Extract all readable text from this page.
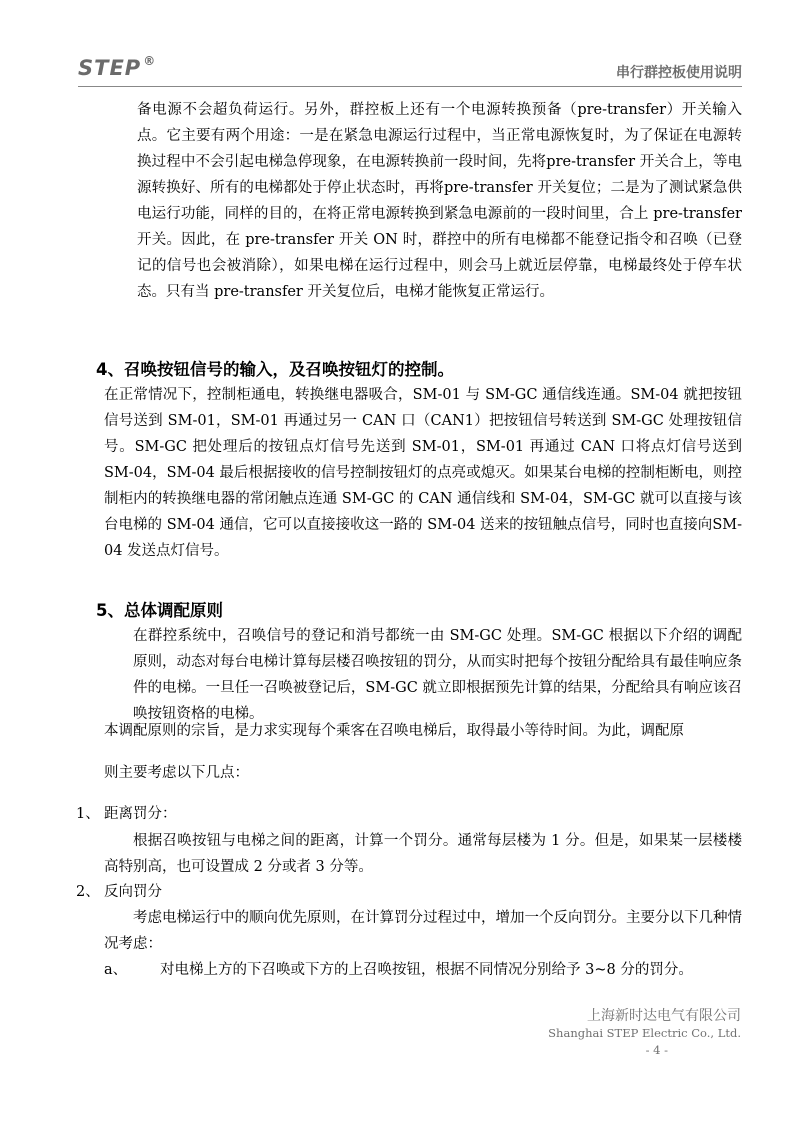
STEP ®
串行群控板使用说明

备电源不会超负荷运行。另外，群控板上还有一个电源转换预备（pre-transfer）开关输入点。它主要有两个用途：一是在紧急电源运行过程中，当正常电源恢复时，为了保证在电源转换过程中不会引起电梯急停现象，在电源转换前一段时间，先将pre-transfer 开关合上，等电源转换好、所有的电梯都处于停止状态时，再将pre-transfer 开关复位；二是为了测试紧急供电运行功能，同样的目的，在将正常电源转换到紧急电源前的一段时间里，合上 pre-transfer 开关。因此，在 pre-transfer 开关 ON 时，群控中的所有电梯都不能登记指令和召唤（已登记的信号也会被消除），如果电梯在运行过程中，则会马上就近层停靠，电梯最终处于停车状态。只有当 pre-transfer 开关复位后，电梯才能恢复正常运行。

4、召唤按钮信号的输入，及召唤按钮灯的控制。

在正常情况下，控制柜通电，转换继电器吸合，SM-01 与 SM-GC 通信线连通。SM-04 就把按钮信号送到 SM-01，SM-01 再通过另一 CAN 口（CAN1）把按钮信号转送到 SM-GC 处理按钮信号。SM-GC 把处理后的按钮点灯信号先送到 SM-01，SM-01 再通过 CAN 口将点灯信号送到 SM-04，SM-04 最后根据接收的信号控制按钮灯的点亮或熄灭。如果某台电梯的控制柜断电，则控制柜内的转换继电器的常闭触点连通 SM-GC 的 CAN 通信线和 SM-04，SM-GC 就可以直接与该台电梯的 SM-04 通信，它可以直接接收这一路的 SM-04 送来的按钮触点信号，同时也直接向SM-04 发送点灯信号。

5、总体调配原则

在群控系统中，召唤信号的登记和消号都统一由 SM-GC 处理。SM-GC 根据以下介绍的调配原则，动态对每台电梯计算每层楼召唤按钮的罚分，从而实时把每个按钮分配给具有最佳响应条件的电梯。一旦任一召唤被登记后，SM-GC 就立即根据预先计算的结果，分配给具有响应该召唤按钮资格的电梯。

本调配原则的宗旨，是力求实现每个乘客在召唤电梯后，取得最小等待时间。为此，调配原

则主要考虑以下几点：

1、 距离罚分：

根据召唤按钮与电梯之间的距离，计算一个罚分。通常每层楼为 1 分。但是，如果某一层楼楼高特别高，也可设置成 2 分或者 3 分等。

2、 反向罚分

考虑电梯运行中的顺向优先原则，在计算罚分过程过中，增加一个反向罚分。主要分以下几种情况考虑：

a、 对电梯上方的下召唤或下方的上召唤按钮，根据不同情况分别给予 3~8 分的罚分。

上海新时达电气有限公司

Shanghai STEP Electric Co., Ltd.

- 4 -
